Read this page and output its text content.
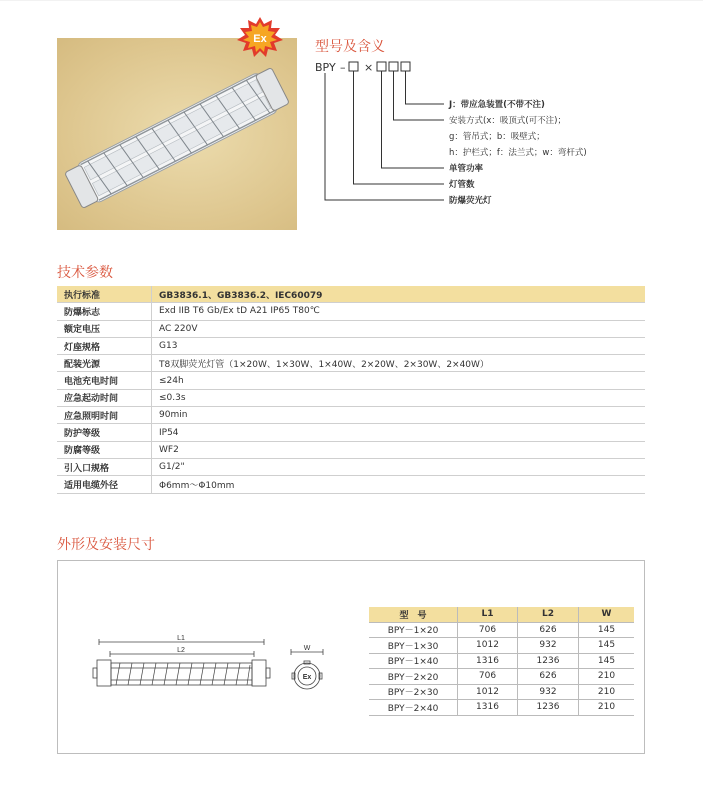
Ex	型号及含义
BPY – ×
J：带应急装置(不带不注)
安装方式(x：吸顶式(可不注)；
g：管吊式；b：吸壁式；
h：护栏式；f：法兰式；w：弯杆式)
单管功率
灯管数
防爆荧光灯
技术参数
执行标准	GB3836.1、GB3836.2、IEC60079
防爆标志	Exd IIB T6 Gb/Ex tD A21 IP65 T80℃
额定电压	AC 220V
灯座规格	G13
配装光源	T8双脚荧光灯管（1×20W、1×30W、1×40W、2×20W、2×30W、2×40W）
电池充电时间	≤24h
应急起动时间	≤0.3s
应急照明时间	90min
防护等级	IP54
防腐等级	WF2
引入口规格	G1/2"
适用电缆外径	Φ6mm～Φ10mm
外形及安装尺寸
L1
L2	W
Ex
型　号	L1	L2	W
BPY－1×20	706	626	145
BPY－1×30	1012	932	145
BPY－1×40	1316	1236	145
BPY－2×20	706	626	210
BPY－2×30	1012	932	210
BPY－2×40	1316	1236	210
